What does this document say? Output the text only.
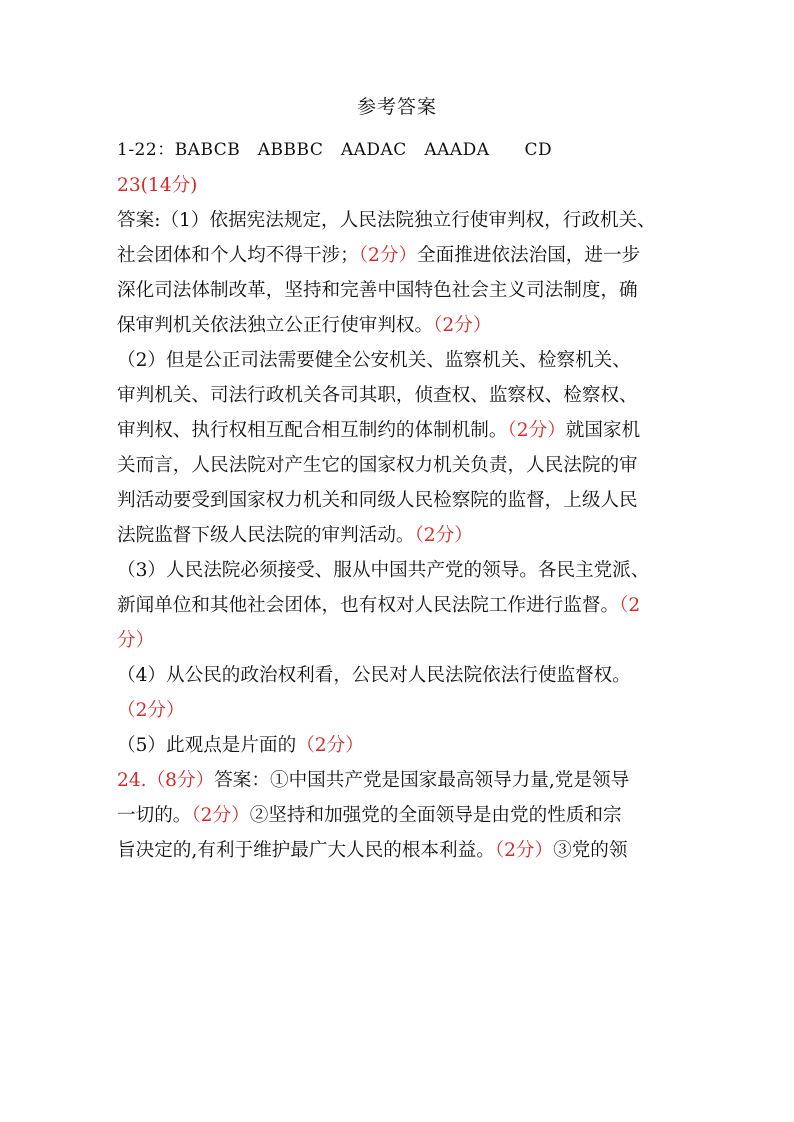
参考答案
1-22：BABCB　ABBBC　AADAC　AAADA　　CD
23(14分)
答案:（1）依据宪法规定，人民法院独立行使审判权，行政机关、
社会团体和个人均不得干涉；（2分）全面推进依法治国，进一步
深化司法体制改革，坚持和完善中国特色社会主义司法制度，确
保审判机关依法独立公正行使审判权。（2分）
（2）但是公正司法需要健全公安机关、监察机关、检察机关、
审判机关、司法行政机关各司其职，侦查权、监察权、检察权、
审判权、执行权相互配合相互制约的体制机制。（2分）就国家机
关而言，人民法院对产生它的国家权力机关负责，人民法院的审
判活动要受到国家权力机关和同级人民检察院的监督，上级人民
法院监督下级人民法院的审判活动。（2分）
（3）人民法院必须接受、服从中国共产党的领导。各民主党派、
新闻单位和其他社会团体，也有权对人民法院工作进行监督。（2
分）
（4）从公民的政治权利看，公民对人民法院依法行使监督权。
（2分）
（5）此观点是片面的（2分）
24.（8分）答案：①中国共产党是国家最高领导力量,党是领导
一切的。（2分）②坚持和加强党的全面领导是由党的性质和宗
旨决定的,有利于维护最广大人民的根本利益。（2分）③党的领
